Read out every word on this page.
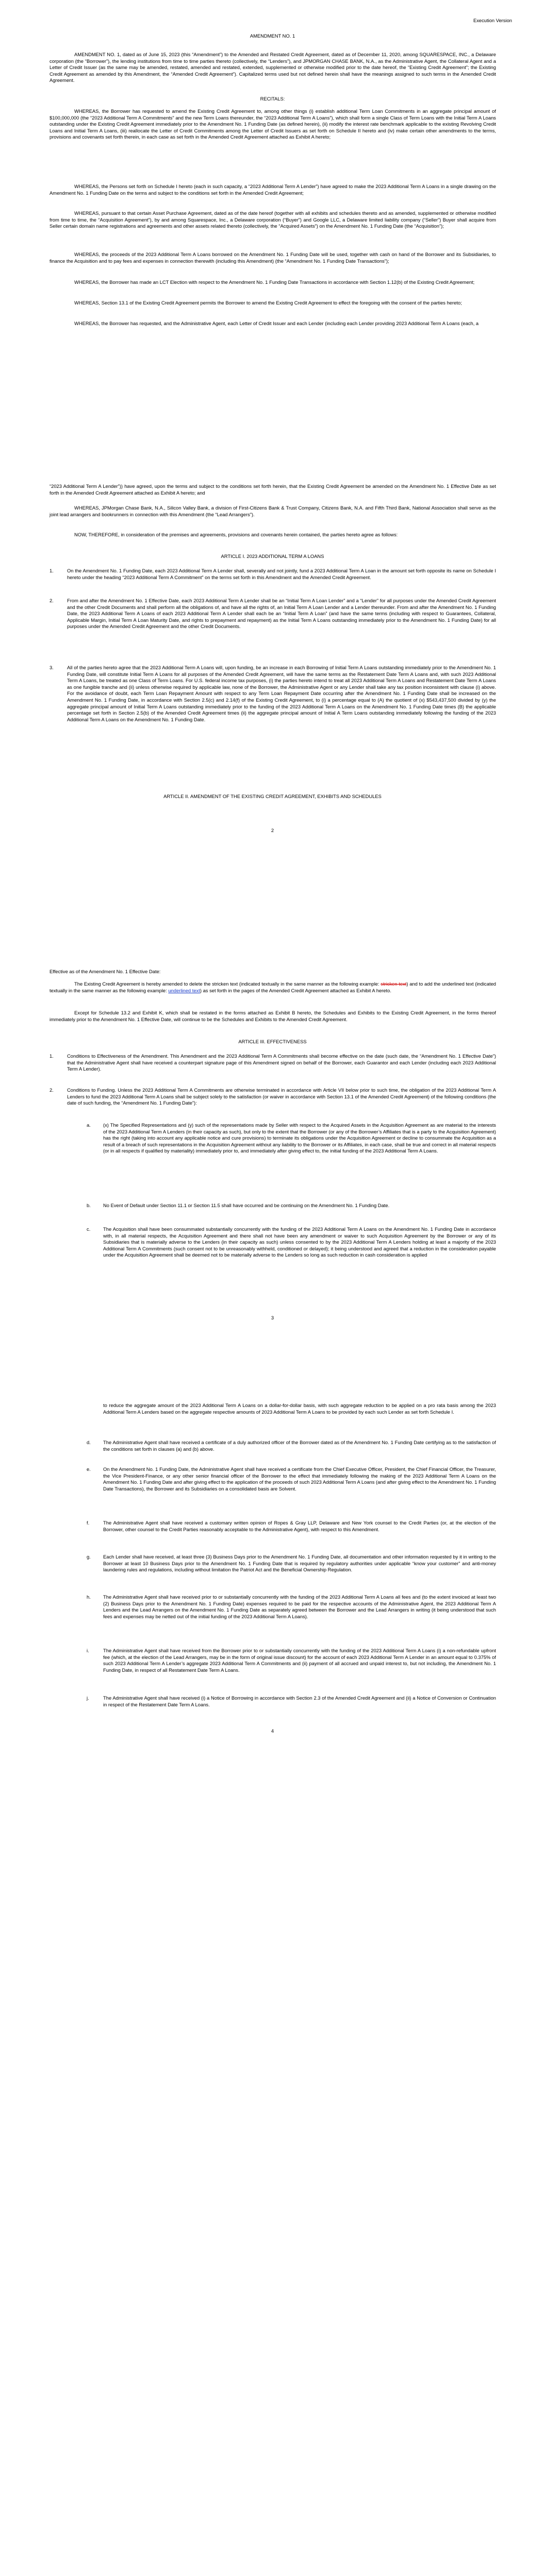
Execution Version
AMENDMENT NO. 1
AMENDMENT NO. 1, dated as of June 15, 2023 (this “Amendment”) to the Amended and Restated Credit Agreement, dated as of December 11, 2020, among SQUARESPACE, INC., a Delaware corporation (the “Borrower”), the lending institutions from time to time parties thereto (collectively, the “Lenders”), and JPMORGAN CHASE BANK, N.A., as the Administrative Agent, the Collateral Agent and a Letter of Credit Issuer (as the same may be amended, restated, amended and restated, extended, supplemented or otherwise modified prior to the date hereof, the “Existing Credit Agreement”; the Existing Credit Agreement as amended by this Amendment, the “Amended Credit Agreement”). Capitalized terms used but not defined herein shall have the meanings assigned to such terms in the Amended Credit Agreement.
RECITALS:
WHEREAS, the Borrower has requested to amend the Existing Credit Agreement to, among other things (i) establish additional Term Loan Commitments in an aggregate principal amount of $100,000,000 (the “2023 Additional Term A Commitments” and the new Term Loans thereunder, the “2023 Additional Term A Loans”), which shall form a single Class of Term Loans with the Initial Term A Loans outstanding under the Existing Credit Agreement immediately prior to the Amendment No. 1 Funding Date (as defined herein), (ii) modify the interest rate benchmark applicable to the existing Revolving Credit Loans and Initial Term A Loans, (iii) reallocate the Letter of Credit Commitments among the Letter of Credit Issuers as set forth on Schedule II hereto and (iv) make certain other amendments to the terms, provisions and covenants set forth therein, in each case as set forth in the Amended Credit Agreement attached as Exhibit A hereto;
WHEREAS, the Persons set forth on Schedule I hereto (each in such capacity, a “2023 Additional Term A Lender”) have agreed to make the 2023 Additional Term A Loans in a single drawing on the Amendment No. 1 Funding Date on the terms and subject to the conditions set forth in the Amended Credit Agreement;
WHEREAS, pursuant to that certain Asset Purchase Agreement, dated as of the date hereof (together with all exhibits and schedules thereto and as amended, supplemented or otherwise modified from time to time, the “Acquisition Agreement”), by and among Squarespace, Inc., a Delaware corporation (“Buyer”) and Google LLC, a Delaware limited liability company (“Seller”) Buyer shall acquire from Seller certain domain name registrations and agreements and other assets related thereto (collectively, the “Acquired Assets”) on the Amendment No. 1 Funding Date (the “Acquisition”);
WHEREAS, the proceeds of the 2023 Additional Term A Loans borrowed on the Amendment No. 1 Funding Date will be used, together with cash on hand of the Borrower and its Subsidiaries, to finance the Acquisition and to pay fees and expenses in connection therewith (including this Amendment) (the “Amendment No. 1 Funding Date Transactions”);
WHEREAS, the Borrower has made an LCT Election with respect to the Amendment No. 1 Funding Date Transactions in accordance with Section 1.12(b) of the Existing Credit Agreement;
WHEREAS, Section 13.1 of the Existing Credit Agreement permits the Borrower to amend the Existing Credit Agreement to effect the foregoing with the consent of the parties hereto;
WHEREAS, the Borrower has requested, and the Administrative Agent, each Letter of Credit Issuer and each Lender (including each Lender providing 2023 Additional Term A Loans (each, a
“2023 Additional Term A Lender”)) have agreed, upon the terms and subject to the conditions set forth herein, that the Existing Credit Agreement be amended on the Amendment No. 1 Effective Date as set forth in the Amended Credit Agreement attached as Exhibit A hereto; and
WHEREAS, JPMorgan Chase Bank, N.A., Silicon Valley Bank, a division of First-Citizens Bank & Trust Company, Citizens Bank, N.A. and Fifth Third Bank, National Association shall serve as the joint lead arrangers and bookrunners in connection with this Amendment (the “Lead Arrangers”).
NOW, THEREFORE, in consideration of the premises and agreements, provisions and covenants herein contained, the parties hereto agree as follows:
ARTICLE I. 2023 ADDITIONAL TERM A LOANS
1.	On the Amendment No. 1 Funding Date, each 2023 Additional Term A Lender shall, severally and not jointly, fund a 2023 Additional Term A Loan in the amount set forth opposite its name on Schedule I hereto under the heading “2023 Additional Term A Commitment” on the terms set forth in this Amendment and the Amended Credit Agreement.
2.	From and after the Amendment No. 1 Effective Date, each 2023 Additional Term A Lender shall be an “Initial Term A Loan Lender” and a “Lender” for all purposes under the Amended Credit Agreement and the other Credit Documents and shall perform all the obligations of, and have all the rights of, an Initial Term A Loan Lender and a Lender thereunder. From and after the Amendment No. 1 Funding Date, the 2023 Additional Term A Loans of each 2023 Additional Term A Lender shall each be an “Initial Term A Loan” (and have the same terms (including with respect to Guarantees, Collateral, Applicable Margin, Initial Term A Loan Maturity Date, and rights to prepayment and repayment) as the Initial Term A Loans outstanding immediately prior to the Amendment No. 1 Funding Date) for all purposes under the Amended Credit Agreement and the other Credit Documents.
3.	All of the parties hereto agree that the 2023 Additional Term A Loans will, upon funding, be an increase in each Borrowing of Initial Term A Loans outstanding immediately prior to the Amendment No. 1 Funding Date, will constitute Initial Term A Loans for all purposes of the Amended Credit Agreement, will have the same terms as the Restatement Date Term A Loans and, with such 2023 Additional Term A Loans, be treated as one Class of Term Loans. For U.S. federal income tax purposes, (i) the parties hereto intend to treat all 2023 Additional Term A Loans and Restatement Date Term A Loans as one fungible tranche and (ii) unless otherwise required by applicable law, none of the Borrower, the Administrative Agent or any Lender shall take any tax position inconsistent with clause (i) above. For the avoidance of doubt, each Term Loan Repayment Amount with respect to any Term Loan Repayment Date occurring after the Amendment No. 1 Funding Date shall be increased on the Amendment No. 1 Funding Date, in accordance with Section 2.5(c) and 2.14(f) of the Existing Credit Agreement, to (i) a percentage equal to (A) the quotient of (x) $543,437,500 divided by (y) the aggregate principal amount of Initial Term A Loans outstanding immediately prior to the funding of the 2023 Additional Term A Loans on the Amendment No. 1 Funding Date times (B) the applicable percentage set forth in Section 2.5(b) of the Amended Credit Agreement times (ii) the aggregate principal amount of Initial A Term Loans outstanding immediately following the funding of the 2023 Additional Term A Loans on the Amendment No. 1 Funding Date.
ARTICLE II. AMENDMENT OF THE EXISTING CREDIT AGREEMENT, EXHIBITS AND SCHEDULES
2
Effective as of the Amendment No. 1 Effective Date:
The Existing Credit Agreement is hereby amended to delete the stricken text (indicated textually in the same manner as the following example: stricken text) and to add the underlined text (indicated textually in the same manner as the following example: underlined text) as set forth in the pages of the Amended Credit Agreement attached as Exhibit A hereto.
Except for Schedule 13.2 and Exhibit K, which shall be restated in the forms attached as Exhibit B hereto, the Schedules and Exhibits to the Existing Credit Agreement, in the forms thereof immediately prior to the Amendment No. 1 Effective Date, will continue to be the Schedules and Exhibits to the Amended Credit Agreement.
ARTICLE III. EFFECTIVENESS
1.	Conditions to Effectiveness of the Amendment. This Amendment and the 2023 Additional Term A Commitments shall become effective on the date (such date, the “Amendment No. 1 Effective Date”) that the Administrative Agent shall have received a counterpart signature page of this Amendment signed on behalf of the Borrower, each Guarantor and each Lender (including each 2023 Additional Term A Lender).
2.	Conditions to Funding. Unless the 2023 Additional Term A Commitments are otherwise terminated in accordance with Article VII below prior to such time, the obligation of the 2023 Additional Term A Lenders to fund the 2023 Additional Term A Loans shall be subject solely to the satisfaction (or waiver in accordance with Section 13.1 of the Amended Credit Agreement) of the following conditions (the date of such funding, the “Amendment No. 1 Funding Date”):
a.	(x) The Specified Representations and (y) such of the representations made by Seller with respect to the Acquired Assets in the Acquisition Agreement as are material to the interests of the 2023 Additional Term A Lenders (in their capacity as such), but only to the extent that the Borrower (or any of the Borrower’s Affiliates that is a party to the Acquisition Agreement) has the right (taking into account any applicable notice and cure provisions) to terminate its obligations under the Acquisition Agreement or decline to consummate the Acquisition as a result of a breach of such representations in the Acquisition Agreement without any liability to the Borrower or its Affiliates, in each case, shall be true and correct in all material respects (or in all respects if qualified by materiality) immediately prior to, and immediately after giving effect to, the initial funding of the 2023 Additional Term A Loans.
b.	No Event of Default under Section 11.1 or Section 11.5 shall have occurred and be continuing on the Amendment No. 1 Funding Date.
c.	The Acquisition shall have been consummated substantially concurrently with the funding of the 2023 Additional Term A Loans on the Amendment No. 1 Funding Date in accordance with, in all material respects, the Acquisition Agreement and there shall not have been any amendment or waiver to such Acquisition Agreement by the Borrower or any of its Subsidiaries that is materially adverse to the Lenders (in their capacity as such) unless consented to by the 2023 Additional Term A Lenders holding at least a majority of the 2023 Additional Term A Commitments (such consent not to be unreasonably withheld, conditioned or delayed); it being understood and agreed that a reduction in the consideration payable under the Acquisition Agreement shall be deemed not to be materially adverse to the Lenders so long as such reduction in cash consideration is applied
3
to reduce the aggregate amount of the 2023 Additional Term A Loans on a dollar-for-dollar basis, with such aggregate reduction to be applied on a pro rata basis among the 2023 Additional Term A Lenders based on the aggregate respective amounts of 2023 Additional Term A Loans to be provided by each such Lender as set forth Schedule I.
d.	The Administrative Agent shall have received a certificate of a duly authorized officer of the Borrower dated as of the Amendment No. 1 Funding Date certifying as to the satisfaction of the conditions set forth in clauses (a) and (b) above.
e.	On the Amendment No. 1 Funding Date, the Administrative Agent shall have received a certificate from the Chief Executive Officer, President, the Chief Financial Officer, the Treasurer, the Vice President-Finance, or any other senior financial officer of the Borrower to the effect that immediately following the making of the 2023 Additional Term A Loans on the Amendment No. 1 Funding Date and after giving effect to the application of the proceeds of such 2023 Additional Term A Loans (and after giving effect to the Amendment No. 1 Funding Date Transactions), the Borrower and its Subsidiaries on a consolidated basis are Solvent.
f.	The Administrative Agent shall have received a customary written opinion of Ropes & Gray LLP, Delaware and New York counsel to the Credit Parties (or, at the election of the Borrower, other counsel to the Credit Parties reasonably acceptable to the Administrative Agent), with respect to this Amendment.
g.	Each Lender shall have received, at least three (3) Business Days prior to the Amendment No. 1 Funding Date, all documentation and other information requested by it in writing to the Borrower at least 10 Business Days prior to the Amendment No. 1 Funding Date that is required by regulatory authorities under applicable “know your customer” and anti-money laundering rules and regulations, including without limitation the Patriot Act and the Beneficial Ownership Regulation.
h.	The Administrative Agent shall have received prior to or substantially concurrently with the funding of the 2023 Additional Term A Loans all fees and (to the extent invoiced at least two (2) Business Days prior to the Amendment No. 1 Funding Date) expenses required to be paid for the respective accounts of the Administrative Agent, the 2023 Additional Term A Lenders and the Lead Arrangers on the Amendment No. 1 Funding Date as separately agreed between the Borrower and the Lead Arrangers in writing (it being understood that such fees and expenses may be netted out of the initial funding of the 2023 Additional Term A Loans).
i.	The Administrative Agent shall have received from the Borrower prior to or substantially concurrently with the funding of the 2023 Additional Term A Loans (i) a non-refundable upfront fee (which, at the election of the Lead Arrangers, may be in the form of original issue discount) for the account of each 2023 Additional Term A Lender in an amount equal to 0.375% of such 2023 Additional Term A Lender’s aggregate 2023 Additional Term A Commitments and (ii) payment of all accrued and unpaid interest to, but not including, the Amendment No. 1 Funding Date, in respect of all Restatement Date Term A Loans.
j.	The Administrative Agent shall have received (i) a Notice of Borrowing in accordance with Section 2.3 of the Amended Credit Agreement and (ii) a Notice of Conversion or Continuation in respect of the Restatement Date Term A Loans.
4
